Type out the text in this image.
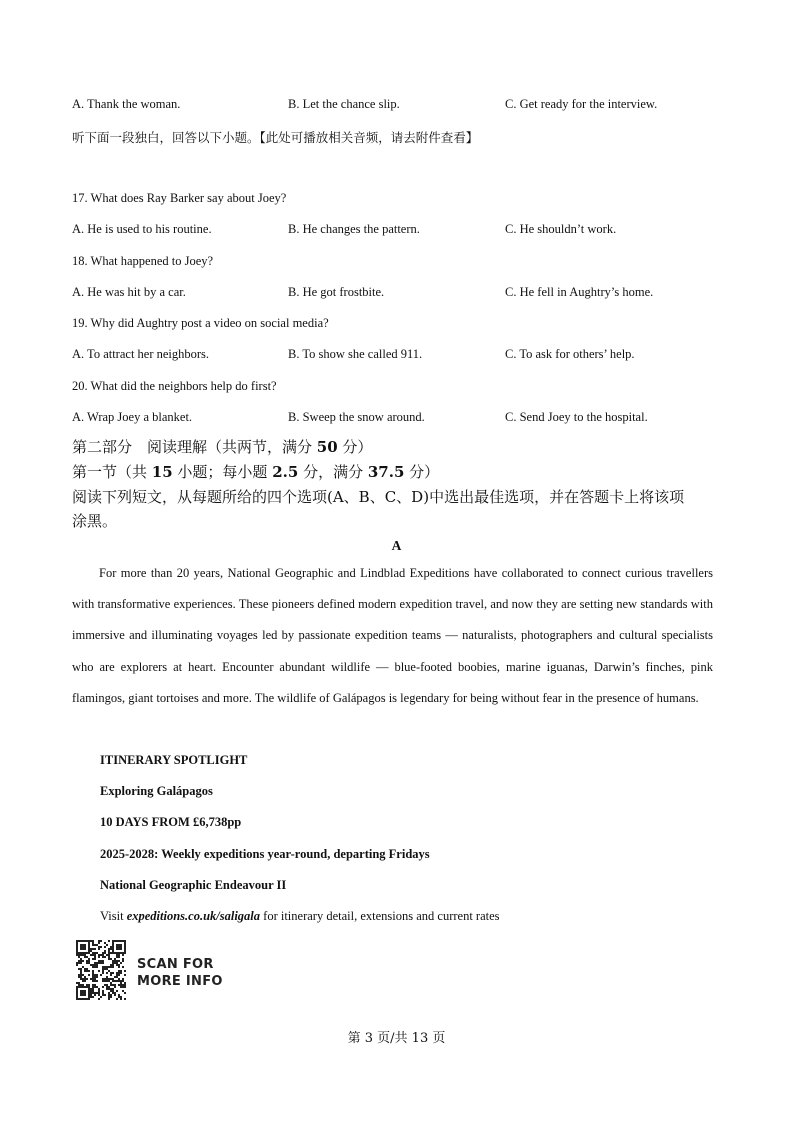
A. Thank the woman.	B. Let the chance slip.	C. Get ready for the interview.
听下面一段独白，回答以下小题。【此处可播放相关音频，请去附件查看】
17. What does Ray Barker say about Joey?
A. He is used to his routine.	B. He changes the pattern.	C. He shouldn’t work.
18. What happened to Joey?
A. He was hit by a car.	B. He got frostbite.	C. He fell in Aughtry’s home.
19. Why did Aughtry post a video on social media?
A. To attract her neighbors.	B. To show she called 911.	C. To ask for others’ help.
20. What did the neighbors help do first?
A. Wrap Joey a blanket.	B. Sweep the snow around.	C. Send Joey to the hospital.
第二部分　阅读理解（共两节，满分 50 分）
第一节（共 15 小题；每小题 2.5 分，满分 37.5 分）
阅读下列短文，从每题所给的四个选项(A、B、C、D)中选出最佳选项，并在答题卡上将该项
涂黑。
A
For more than 20 years, National Geographic and Lindblad Expeditions have collaborated to connect curious travellers with transformative experiences. These pioneers defined modern expedition travel, and now they are setting new standards with immersive and illuminating voyages led by passionate expedition teams — naturalists, photographers and cultural specialists who are explorers at heart. Encounter abundant wildlife — blue-footed boobies, marine iguanas, Darwin’s finches, pink flamingos, giant tortoises and more. The wildlife of Galápagos is legendary for being without fear in the presence of humans.
ITINERARY SPOTLIGHT
Exploring Galápagos
10 DAYS FROM £6,738pp
2025-2028: Weekly expeditions year-round, departing Fridays
National Geographic Endeavour II
Visit expeditions.co.uk/saligala for itinerary detail, extensions and current rates
SCAN FOR
MORE INFO
第 3 页/共 13 页
